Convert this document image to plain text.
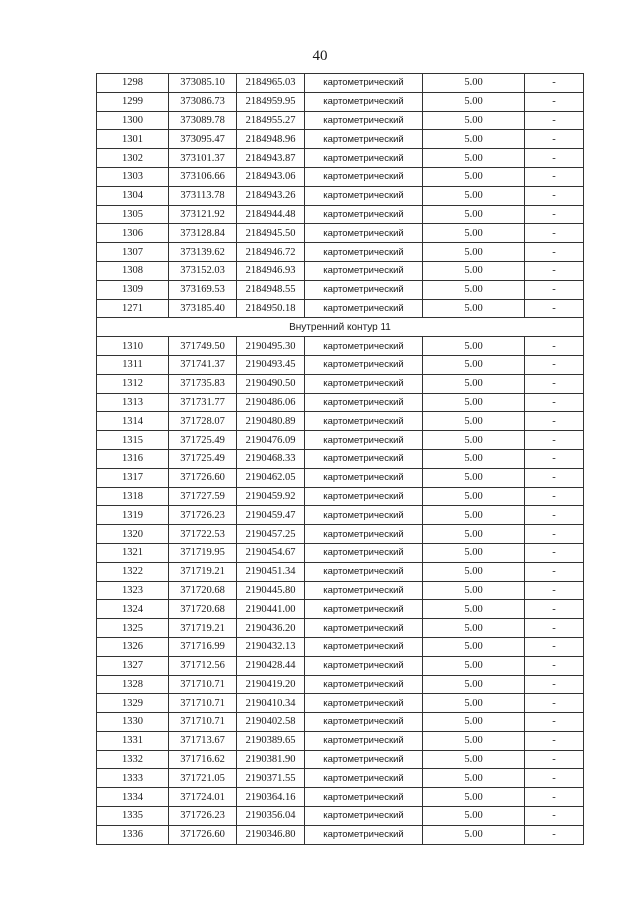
40
1298	373085.10	2184965.03	картометрический	5.00	-
1299	373086.73	2184959.95	картометрический	5.00	-
1300	373089.78	2184955.27	картометрический	5.00	-
1301	373095.47	2184948.96	картометрический	5.00	-
1302	373101.37	2184943.87	картометрический	5.00	-
1303	373106.66	2184943.06	картометрический	5.00	-
1304	373113.78	2184943.26	картометрический	5.00	-
1305	373121.92	2184944.48	картометрический	5.00	-
1306	373128.84	2184945.50	картометрический	5.00	-
1307	373139.62	2184946.72	картометрический	5.00	-
1308	373152.03	2184946.93	картометрический	5.00	-
1309	373169.53	2184948.55	картометрический	5.00	-
1271	373185.40	2184950.18	картометрический	5.00	-
Внутренний контур 11					
1310	371749.50	2190495.30	картометрический	5.00	-
1311	371741.37	2190493.45	картометрический	5.00	-
1312	371735.83	2190490.50	картометрический	5.00	-
1313	371731.77	2190486.06	картометрический	5.00	-
1314	371728.07	2190480.89	картометрический	5.00	-
1315	371725.49	2190476.09	картометрический	5.00	-
1316	371725.49	2190468.33	картометрический	5.00	-
1317	371726.60	2190462.05	картометрический	5.00	-
1318	371727.59	2190459.92	картометрический	5.00	-
1319	371726.23	2190459.47	картометрический	5.00	-
1320	371722.53	2190457.25	картометрический	5.00	-
1321	371719.95	2190454.67	картометрический	5.00	-
1322	371719.21	2190451.34	картометрический	5.00	-
1323	371720.68	2190445.80	картометрический	5.00	-
1324	371720.68	2190441.00	картометрический	5.00	-
1325	371719.21	2190436.20	картометрический	5.00	-
1326	371716.99	2190432.13	картометрический	5.00	-
1327	371712.56	2190428.44	картометрический	5.00	-
1328	371710.71	2190419.20	картометрический	5.00	-
1329	371710.71	2190410.34	картометрический	5.00	-
1330	371710.71	2190402.58	картометрический	5.00	-
1331	371713.67	2190389.65	картометрический	5.00	-
1332	371716.62	2190381.90	картометрический	5.00	-
1333	371721.05	2190371.55	картометрический	5.00	-
1334	371724.01	2190364.16	картометрический	5.00	-
1335	371726.23	2190356.04	картометрический	5.00	-
1336	371726.60	2190346.80	картометрический	5.00	-
